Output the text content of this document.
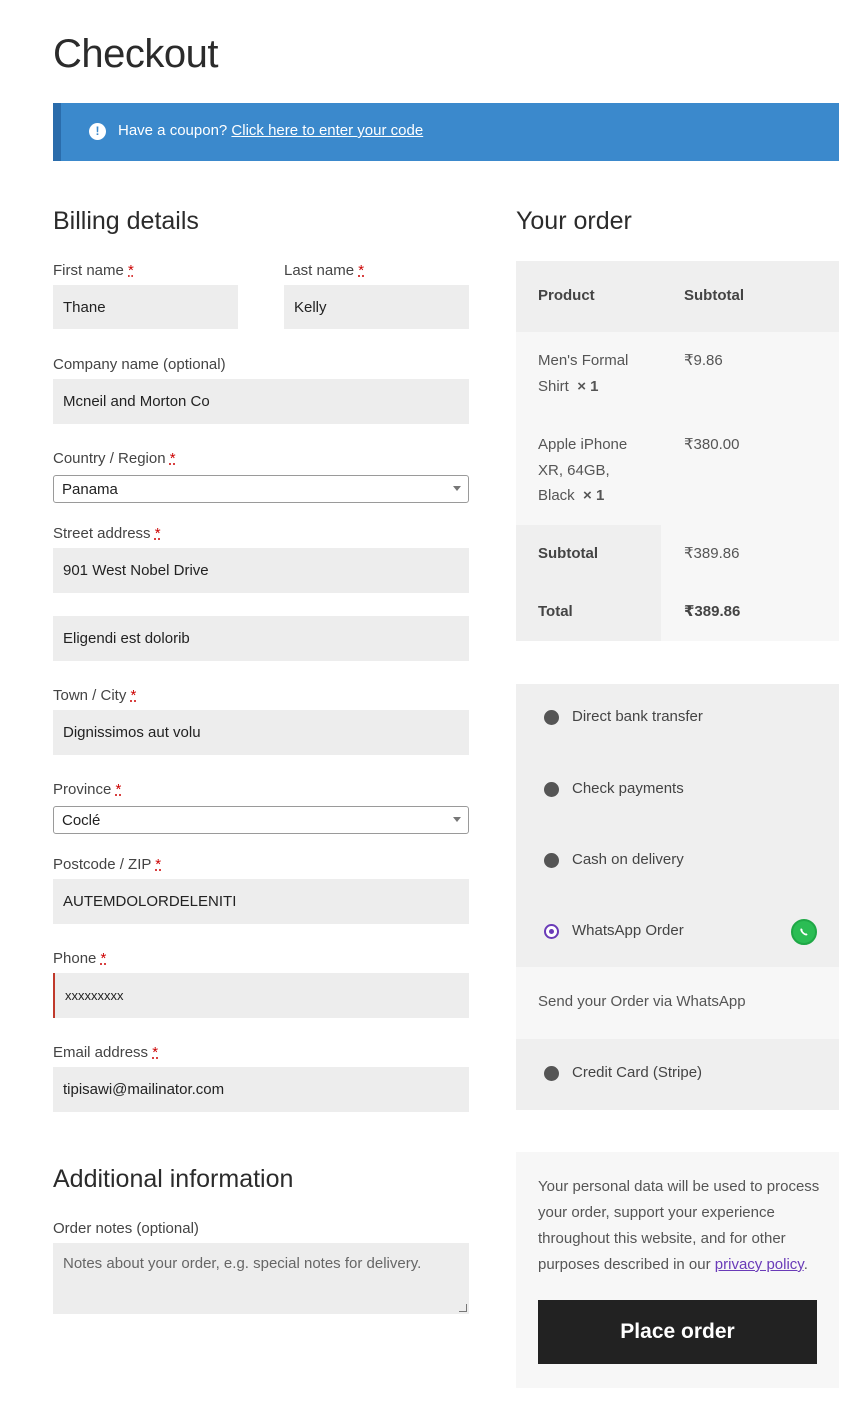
Checkout
!	Have a coupon? Click here to enter your code
Billing details
First name *
Thane
Last name *
Kelly
Company name (optional)
Mcneil and Morton Co
Country / Region *
Panama
Street address *
901 West Nobel Drive
Eligendi est dolorib
Town / City *
Dignissimos aut volu
Province *
Coclé
Postcode / ZIP *
AUTEMDOLORDELENITI
Phone *
xxxxxxxxx
Email address *
tipisawi@mailinator.com
Additional information
Order notes (optional)
Notes about your order, e.g. special notes for delivery.
Your order
Product	Subtotal
Men's Formal
Shirt × 1
₹9.86
Apple iPhone
XR, 64GB,
Black × 1
₹380.00
Subtotal	₹389.86
Total	₹389.86
Direct bank transfer
Check payments
Cash on delivery
WhatsApp Order
Send your Order via WhatsApp
Credit Card (Stripe)
Your personal data will be used to process your order, support your experience throughout this website, and for other purposes described in our privacy policy.
Place order
